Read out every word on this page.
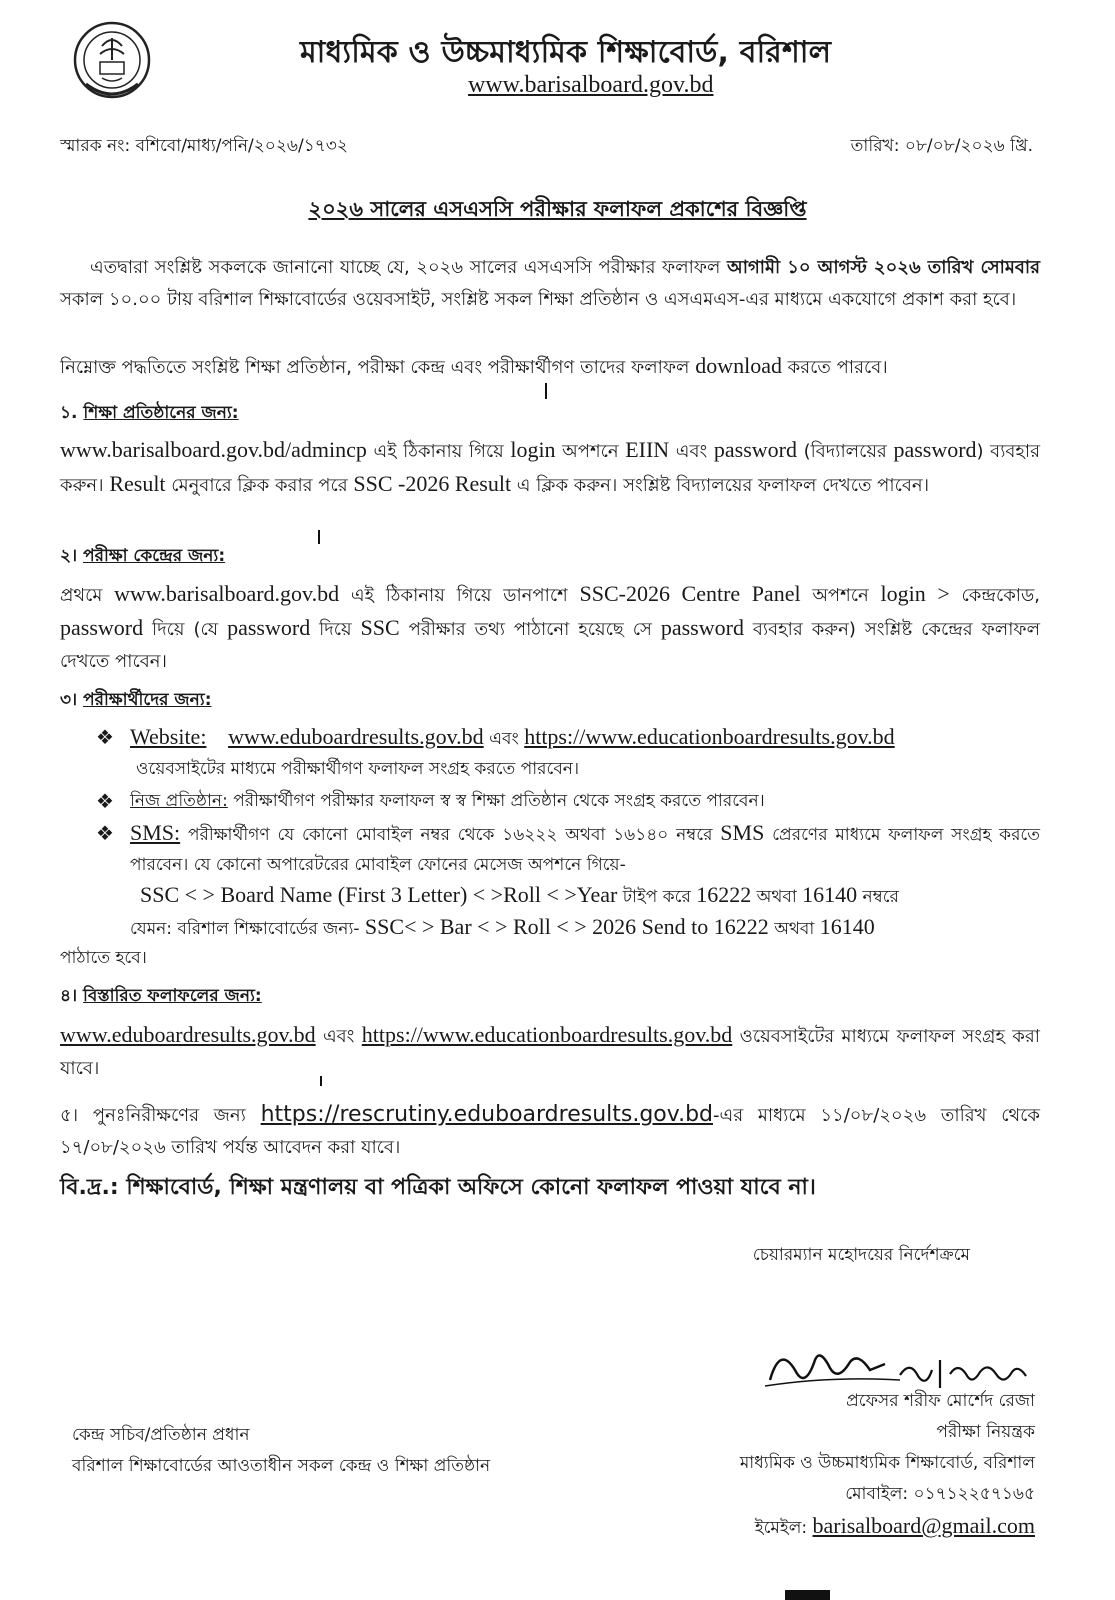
মাধ্যমিক ও উচ্চমাধ্যমিক শিক্ষাবোর্ড, বরিশাল
www.barisalboard.gov.bd
স্মারক নং: বশিবো/মাধ্য/পনি/২০২৬/১৭৩২	তারিখ: ০৮/০৮/২০২৬ খ্রি.
২০২৬ সালের এসএসসি পরীক্ষার ফলাফল প্রকাশের বিজ্ঞপ্তি
এতদ্বারা সংশ্লিষ্ট সকলকে জানানো যাচ্ছে যে, ২০২৬ সালের এসএসসি পরীক্ষার ফলাফল আগামী ১০ আগস্ট ২০২৬ তারিখ সোমবার সকাল ১০.০০ টায় বরিশাল শিক্ষাবোর্ডের ওয়েবসাইট, সংশ্লিষ্ট সকল শিক্ষা প্রতিষ্ঠান ও এসএমএস-এর মাধ্যমে একযোগে প্রকাশ করা হবে।
নিম্নোক্ত পদ্ধতিতে সংশ্লিষ্ট শিক্ষা প্রতিষ্ঠান, পরীক্ষা কেন্দ্র এবং পরীক্ষার্থীগণ তাদের ফলাফল download করতে পারবে।
১. শিক্ষা প্রতিষ্ঠানের জন্য:
www.barisalboard.gov.bd/admincp এই ঠিকানায় গিয়ে login অপশনে EIIN এবং password (বিদ্যালয়ের password) ব্যবহার করুন। Result মেনুবারে ক্লিক করার পরে SSC -2026 Result এ ক্লিক করুন। সংশ্লিষ্ট বিদ্যালয়ের ফলাফল দেখতে পাবেন।
২। পরীক্ষা কেন্দ্রের জন্য:
প্রথমে www.barisalboard.gov.bd এই ঠিকানায় গিয়ে ডানপাশে SSC-2026 Centre Panel অপশনে login > কেন্দ্রকোড, password দিয়ে (যে password দিয়ে SSC পরীক্ষার তথ্য পাঠানো হয়েছে সে password ব্যবহার করুন) সংশ্লিষ্ট কেন্দ্রের ফলাফল দেখতে পাবেন।
৩। পরীক্ষার্থীদের জন্য:
❖ Website: www.eduboardresults.gov.bd এবং https://www.educationboardresults.gov.bd
ওয়েবসাইটের মাধ্যমে পরীক্ষার্থীগণ ফলাফল সংগ্রহ করতে পারবেন।
❖ নিজ প্রতিষ্ঠান: পরীক্ষার্থীগণ পরীক্ষার ফলাফল স্ব স্ব শিক্ষা প্রতিষ্ঠান থেকে সংগ্রহ করতে পারবেন।
❖ SMS: পরীক্ষার্থীগণ যে কোনো মোবাইল নম্বর থেকে ১৬২২২ অথবা ১৬১৪০ নম্বরে SMS প্রেরণের মাধ্যমে ফলাফল সংগ্রহ করতে পারবেন। যে কোনো অপারেটরের মোবাইল ফোনের মেসেজ অপশনে গিয়ে-
SSC < > Board Name (First 3 Letter) < >Roll < >Year টাইপ করে 16222 অথবা 16140 নম্বরে
যেমন: বরিশাল শিক্ষাবোর্ডের জন্য- SSC< > Bar < > Roll < > 2026 Send to 16222 অথবা 16140
পাঠাতে হবে।
৪। বিস্তারিত ফলাফলের জন্য:
www.eduboardresults.gov.bd এবং https://www.educationboardresults.gov.bd ওয়েবসাইটের মাধ্যমে ফলাফল সংগ্রহ করা যাবে।
৫। পুনঃনিরীক্ষণের জন্য https://rescrutiny.eduboardresults.gov.bd-এর মাধ্যমে ১১/০৮/২০২৬ তারিখ থেকে ১৭/০৮/২০২৬ তারিখ পর্যন্ত আবেদন করা যাবে।
বি.দ্র.: শিক্ষাবোর্ড, শিক্ষা মন্ত্রণালয় বা পত্রিকা অফিসে কোনো ফলাফল পাওয়া যাবে না।
চেয়ারম্যান মহোদয়ের নির্দেশক্রমে
প্রফেসর শরীফ মোর্শেদ রেজা
পরীক্ষা নিয়ন্ত্রক
মাধ্যমিক ও উচ্চমাধ্যমিক শিক্ষাবোর্ড, বরিশাল
মোবাইল: ০১৭১২২৫৭১৬৫
ইমেইল: barisalboard@gmail.com
কেন্দ্র সচিব/প্রতিষ্ঠান প্রধান
বরিশাল শিক্ষাবোর্ডের আওতাধীন সকল কেন্দ্র ও শিক্ষা প্রতিষ্ঠান
